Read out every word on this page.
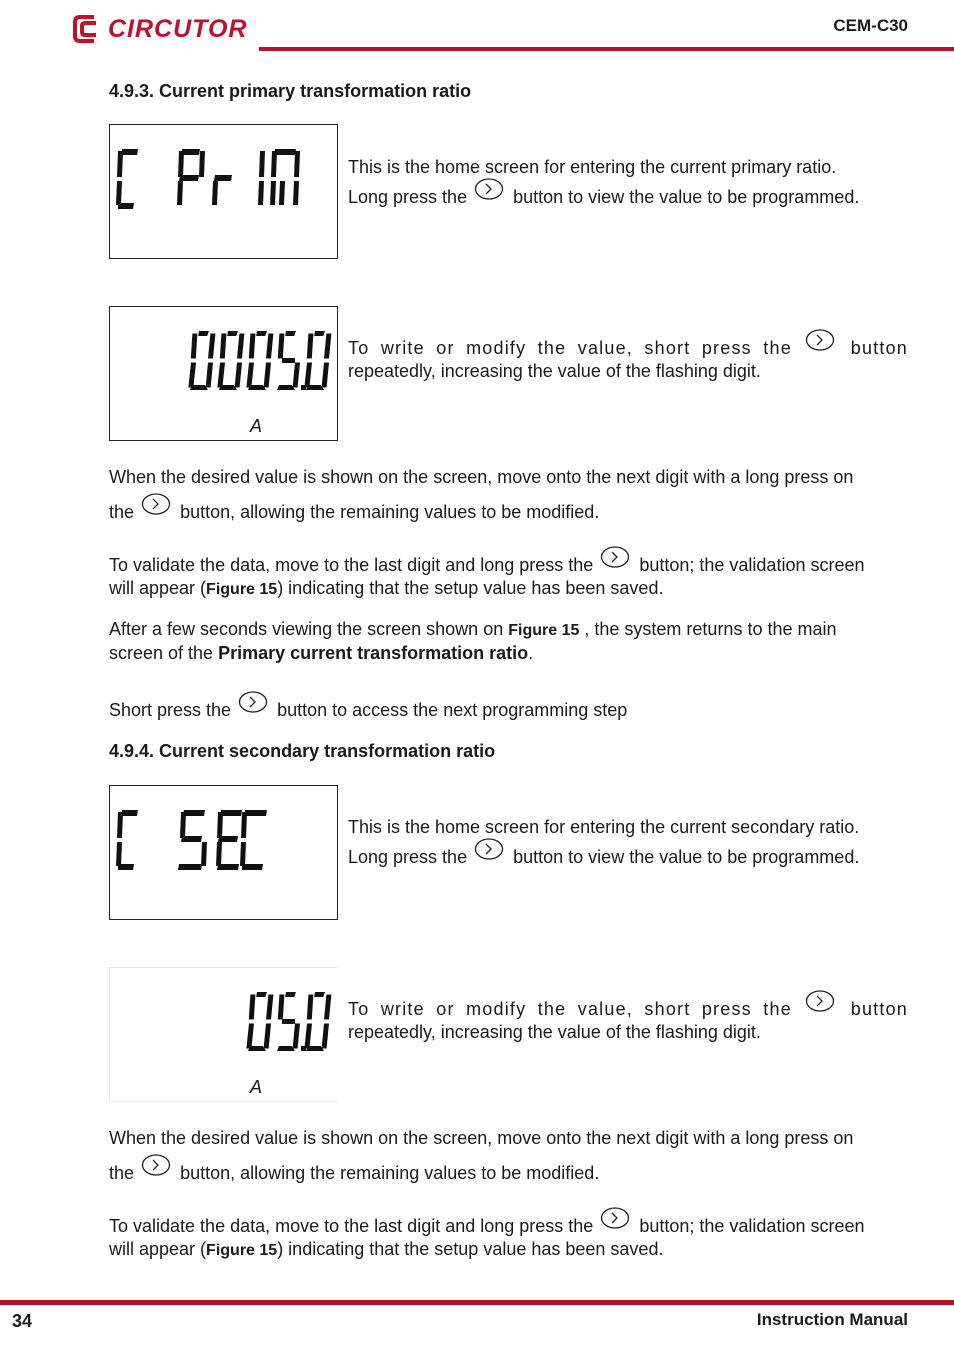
CIRCUTOR	CEM-C30
4.9.3. Current primary transformation ratio
This is the home screen for entering the current primary ratio.
Long press the	button to view the value to be programmed.
A
To write or modify the value, short press the	button
repeatedly, increasing the value of the flashing digit.
When the desired value is shown on the screen, move onto the next digit with a long press on
the	button, allowing the remaining values to be modified.
To validate the data, move to the last digit and long press the	button; the validation screen
will appear (Figure 15) indicating that the setup value has been saved.
After a few seconds viewing the screen shown on Figure 15 , the system returns to the main
screen of the Primary current transformation ratio.
Short press the	button to access the next programming step
4.9.4. Current secondary transformation ratio
This is the home screen for entering the current secondary ratio.
Long press the	button to view the value to be programmed.
A
To write or modify the value, short press the	button
repeatedly, increasing the value of the flashing digit.
When the desired value is shown on the screen, move onto the next digit with a long press on
the	button, allowing the remaining values to be modified.
To validate the data, move to the last digit and long press the	button; the validation screen
will appear (Figure 15) indicating that the setup value has been saved.
34	Instruction Manual
